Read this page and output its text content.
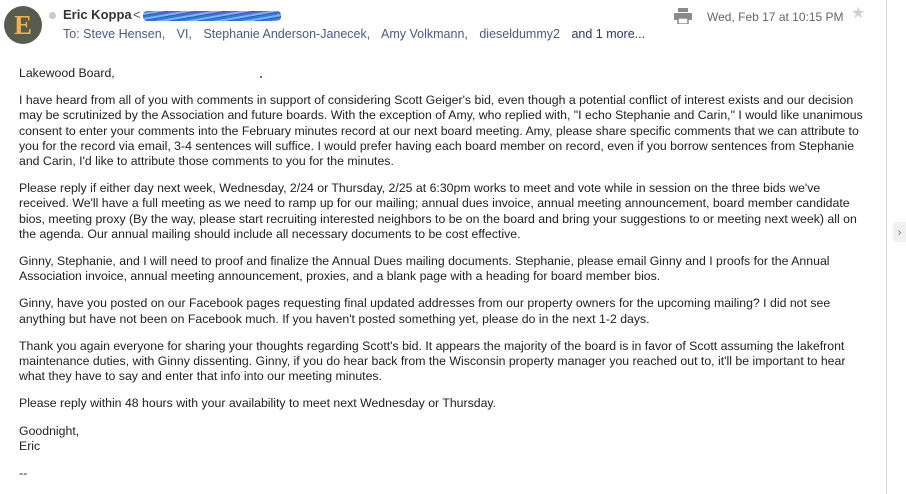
E	Eric Koppa <
To: Steve Hensen, VI, Stephanie Anderson-Janecek, Amy Volkmann, dieseldummy2 and 1 more...
Wed, Feb 17 at 10:15 PM ★

Lakewood Board,

I have heard from all of you with comments in support of considering Scott Geiger's bid, even though a potential conflict of interest exists and our decision may be scrutinized by the Association and future boards. With the exception of Amy, who replied with, "I echo Stephanie and Carin," I would like unanimous consent to enter your comments into the February minutes record at our next board meeting. Amy, please share specific comments that we can attribute to you for the record via email, 3-4 sentences will suffice. I would prefer having each board member on record, even if you borrow sentences from Stephanie and Carin, I'd like to attribute those comments to you for the minutes.

Please reply if either day next week, Wednesday, 2/24 or Thursday, 2/25 at 6:30pm works to meet and vote while in session on the three bids we've received. We'll have a full meeting as we need to ramp up for our mailing; annual dues invoice, annual meeting announcement, board member candidate bios, meeting proxy (By the way, please start recruiting interested neighbors to be on the board and bring your suggestions to or meeting next week) all on the agenda. Our annual mailing should include all necessary documents to be cost effective.

Ginny, Stephanie, and I will need to proof and finalize the Annual Dues mailing documents. Stephanie, please email Ginny and I proofs for the Annual Association invoice, annual meeting announcement, proxies, and a blank page with a heading for board member bios.

Ginny, have you posted on our Facebook pages requesting final updated addresses from our property owners for the upcoming mailing? I did not see anything but have not been on Facebook much. If you haven't posted something yet, please do in the next 1-2 days.

Thank you again everyone for sharing your thoughts regarding Scott's bid. It appears the majority of the board is in favor of Scott assuming the lakefront maintenance duties, with Ginny dissenting. Ginny, if you do hear back from the Wisconsin property manager you reached out to, it'll be important to hear what they have to say and enter that info into our meeting minutes.

Please reply within 48 hours with your availability to meet next Wednesday or Thursday.

Goodnight,

Eric

--

›
